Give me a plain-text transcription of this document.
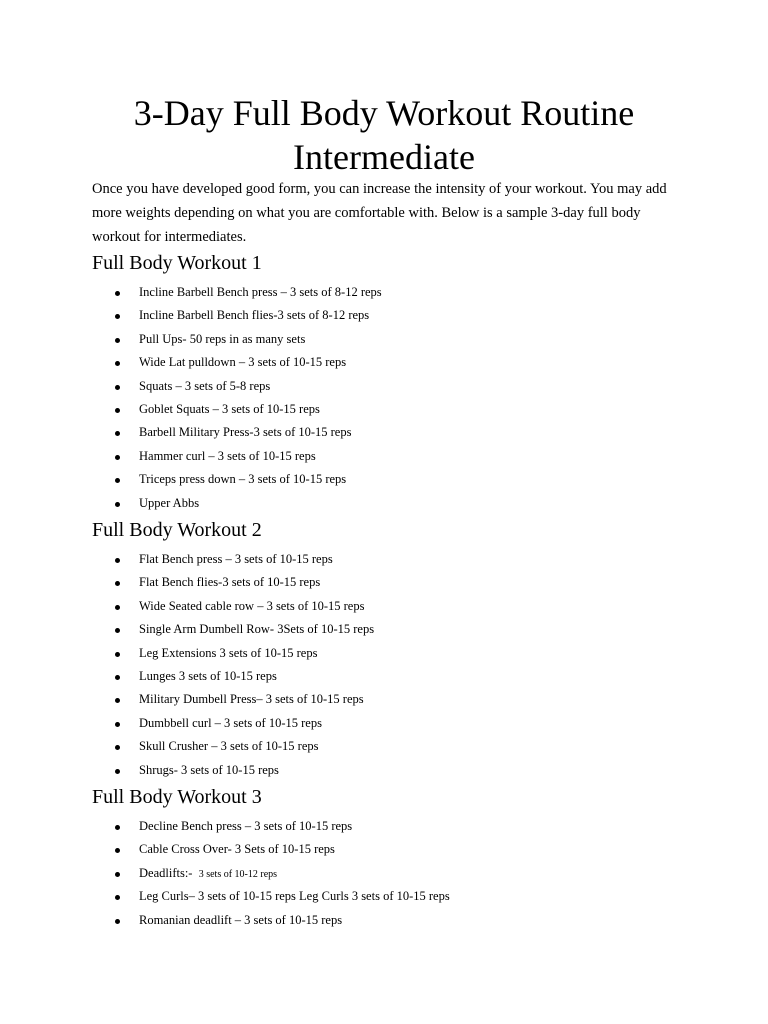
3-Day Full Body Workout Routine
Intermediate

Once you have developed good form, you can increase the intensity of your workout. You may add more weights depending on what you are comfortable with. Below is a sample 3-day full body workout for intermediates.

Full Body Workout 1
Incline Barbell Bench press – 3 sets of 8-12 reps
Incline Barbell Bench flies-3 sets of 8-12 reps
Pull Ups- 50 reps in as many sets
Wide Lat pulldown – 3 sets of 10-15 reps
Squats – 3 sets of 5-8 reps
Goblet Squats – 3 sets of 10-15 reps
Barbell Military Press-3 sets of 10-15 reps
Hammer curl – 3 sets of 10-15 reps
Triceps press down – 3 sets of 10-15 reps
Upper Abbs
Full Body Workout 2
Flat Bench press – 3 sets of 10-15 reps
Flat Bench flies-3 sets of 10-15 reps
Wide Seated cable row – 3 sets of 10-15 reps
Single Arm Dumbell Row- 3Sets of 10-15 reps
Leg Extensions 3 sets of 10-15 reps
Lunges 3 sets of 10-15 reps
Military Dumbell Press– 3 sets of 10-15 reps
Dumbbell curl – 3 sets of 10-15 reps
Skull Crusher – 3 sets of 10-15 reps
Shrugs- 3 sets of 10-15 reps
Full Body Workout 3
Decline Bench press – 3 sets of 10-15 reps
Cable Cross Over- 3 Sets of 10-15 reps
Deadlifts:- 3 sets of 10-12 reps
Leg Curls– 3 sets of 10-15 reps Leg Curls 3 sets of 10-15 reps
Romanian deadlift – 3 sets of 10-15 reps
